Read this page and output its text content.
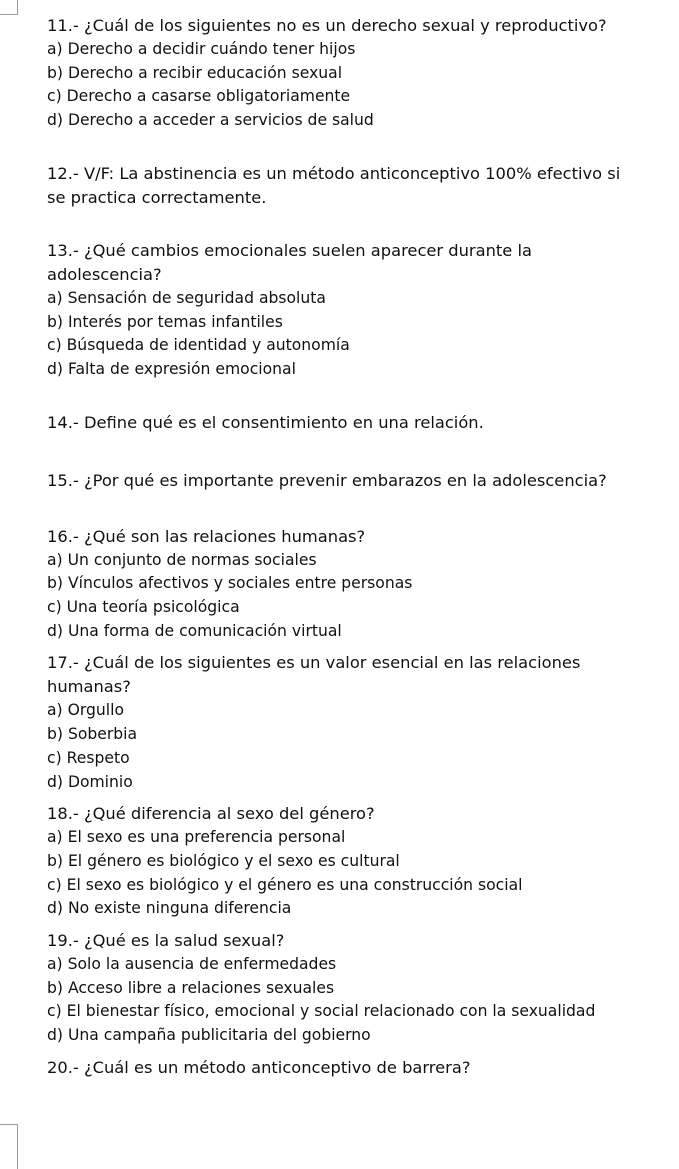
11.- ¿Cuál de los siguientes no es un derecho sexual y reproductivo?
a) Derecho a decidir cuándo tener hijos
b) Derecho a recibir educación sexual
c) Derecho a casarse obligatoriamente
d) Derecho a acceder a servicios de salud
12.- V/F: La abstinencia es un método anticonceptivo 100% efectivo si
se practica correctamente.
13.- ¿Qué cambios emocionales suelen aparecer durante la adolescencia?
a) Sensación de seguridad absoluta
b) Interés por temas infantiles
c) Búsqueda de identidad y autonomía
d) Falta de expresión emocional
14.- Define qué es el consentimiento en una relación.
15.- ¿Por qué es importante prevenir embarazos en la adolescencia?
16.- ¿Qué son las relaciones humanas?
a) Un conjunto de normas sociales
b) Vínculos afectivos y sociales entre personas
c) Una teoría psicológica
d) Una forma de comunicación virtual
17.- ¿Cuál de los siguientes es un valor esencial en las relaciones humanas?
a) Orgullo
b) Soberbia
c) Respeto
d) Dominio
18.- ¿Qué diferencia al sexo del género?
a) El sexo es una preferencia personal
b) El género es biológico y el sexo es cultural
c) El sexo es biológico y el género es una construcción social
d) No existe ninguna diferencia
19.- ¿Qué es la salud sexual?
a) Solo la ausencia de enfermedades
b) Acceso libre a relaciones sexuales
c) El bienestar físico, emocional y social relacionado con la sexualidad
d) Una campaña publicitaria del gobierno
20.- ¿Cuál es un método anticonceptivo de barrera?
